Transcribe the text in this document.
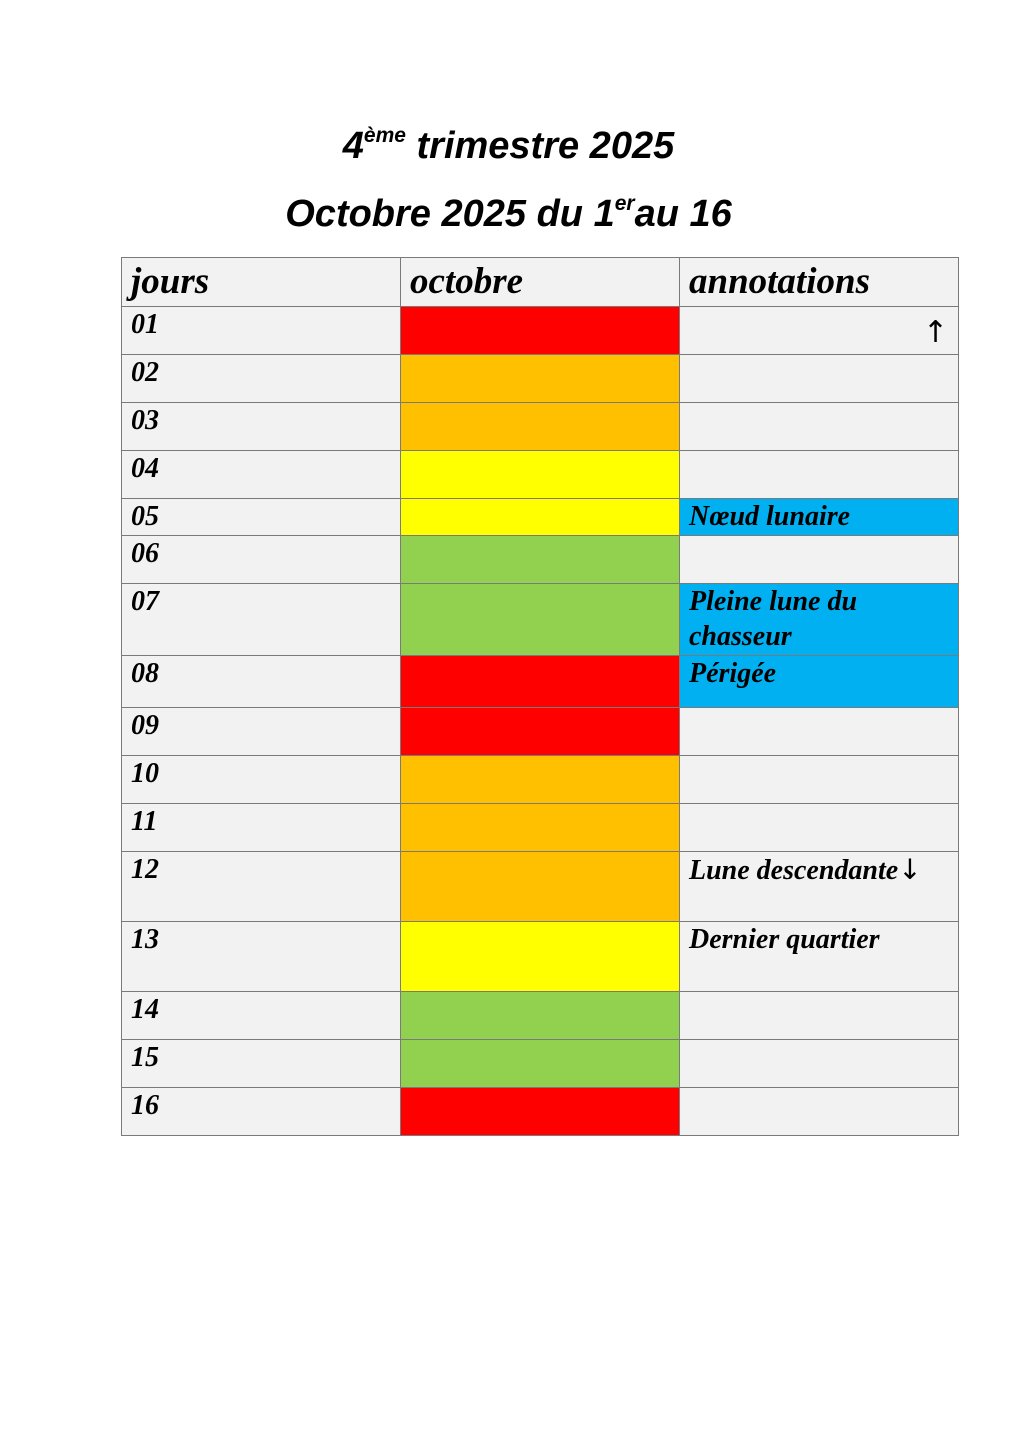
4ème trimestre 2025
Octobre 2025 du 1erau 16
jours	octobre	annotations
01		↑

02		
03		
04		
05		Nœud lunaire
06		
07		Pleine lune du chasseur
08		Périgée
09		
10		
11		
12		Lune descendante↓
13		Dernier quartier
14		
15		
16		
